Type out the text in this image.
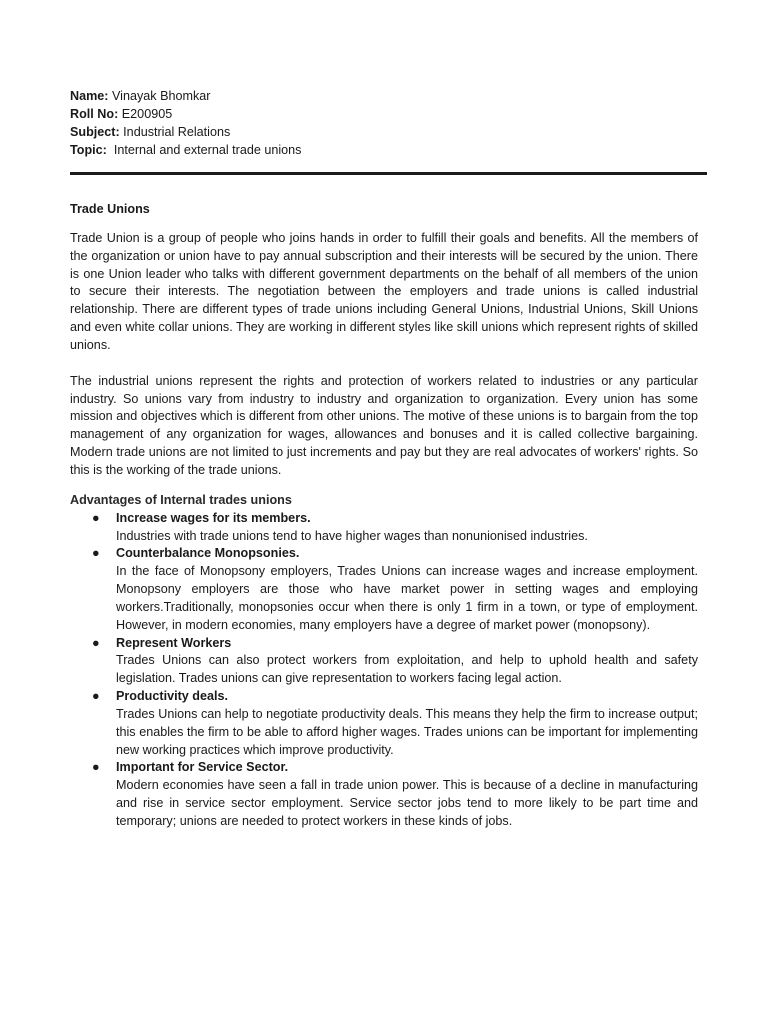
Name: Vinayak Bhomkar
Roll No: E200905
Subject: Industrial Relations
Topic:  Internal and external trade unions
Trade Unions

Trade Union is a group of people who joins hands in order to fulfill their goals and benefits. All the members of the organization or union have to pay annual subscription and their interests will be secured by the union. There is one Union leader who talks with different government departments on the behalf of all members of the union to secure their interests. The negotiation between the employers and trade unions is called industrial relationship. There are different types of trade unions including General Unions, Industrial Unions, Skill Unions and even white collar unions. They are working in different styles like skill unions which represent rights of skilled unions.

The industrial unions represent the rights and protection of workers related to industries or any particular industry. So unions vary from industry to industry and organization to organization. Every union has some mission and objectives which is different from other unions. The motive of these unions is to bargain from the top management of any organization for wages, allowances and bonuses and it is called collective bargaining. Modern trade unions are not limited to just increments and pay but they are real advocates of workers' rights. So this is the working of the trade unions.

Advantages of Internal trades unions
● Increase wages for its members.
Industries with trade unions tend to have higher wages than nonunionised industries.
● Counterbalance Monopsonies.
In the face of Monopsony employers, Trades Unions can increase wages and increase employment. Monopsony employers are those who have market power in setting wages and employing workers.Traditionally, monopsonies occur when there is only 1 firm in a town, or type of employment. However, in modern economies, many employers have a degree of market power (monopsony).
● Represent Workers
Trades Unions can also protect workers from exploitation, and help to uphold health and safety legislation. Trades unions can give representation to workers facing legal action.
● Productivity deals.
Trades Unions can help to negotiate productivity deals. This means they help the firm to increase output; this enables the firm to be able to afford higher wages. Trades unions can be important for implementing new working practices which improve productivity.
● Important for Service Sector.
Modern economies have seen a fall in trade union power. This is because of a decline in manufacturing and rise in service sector employment. Service sector jobs tend to more likely to be part time and temporary; unions are needed to protect workers in these kinds of jobs.
